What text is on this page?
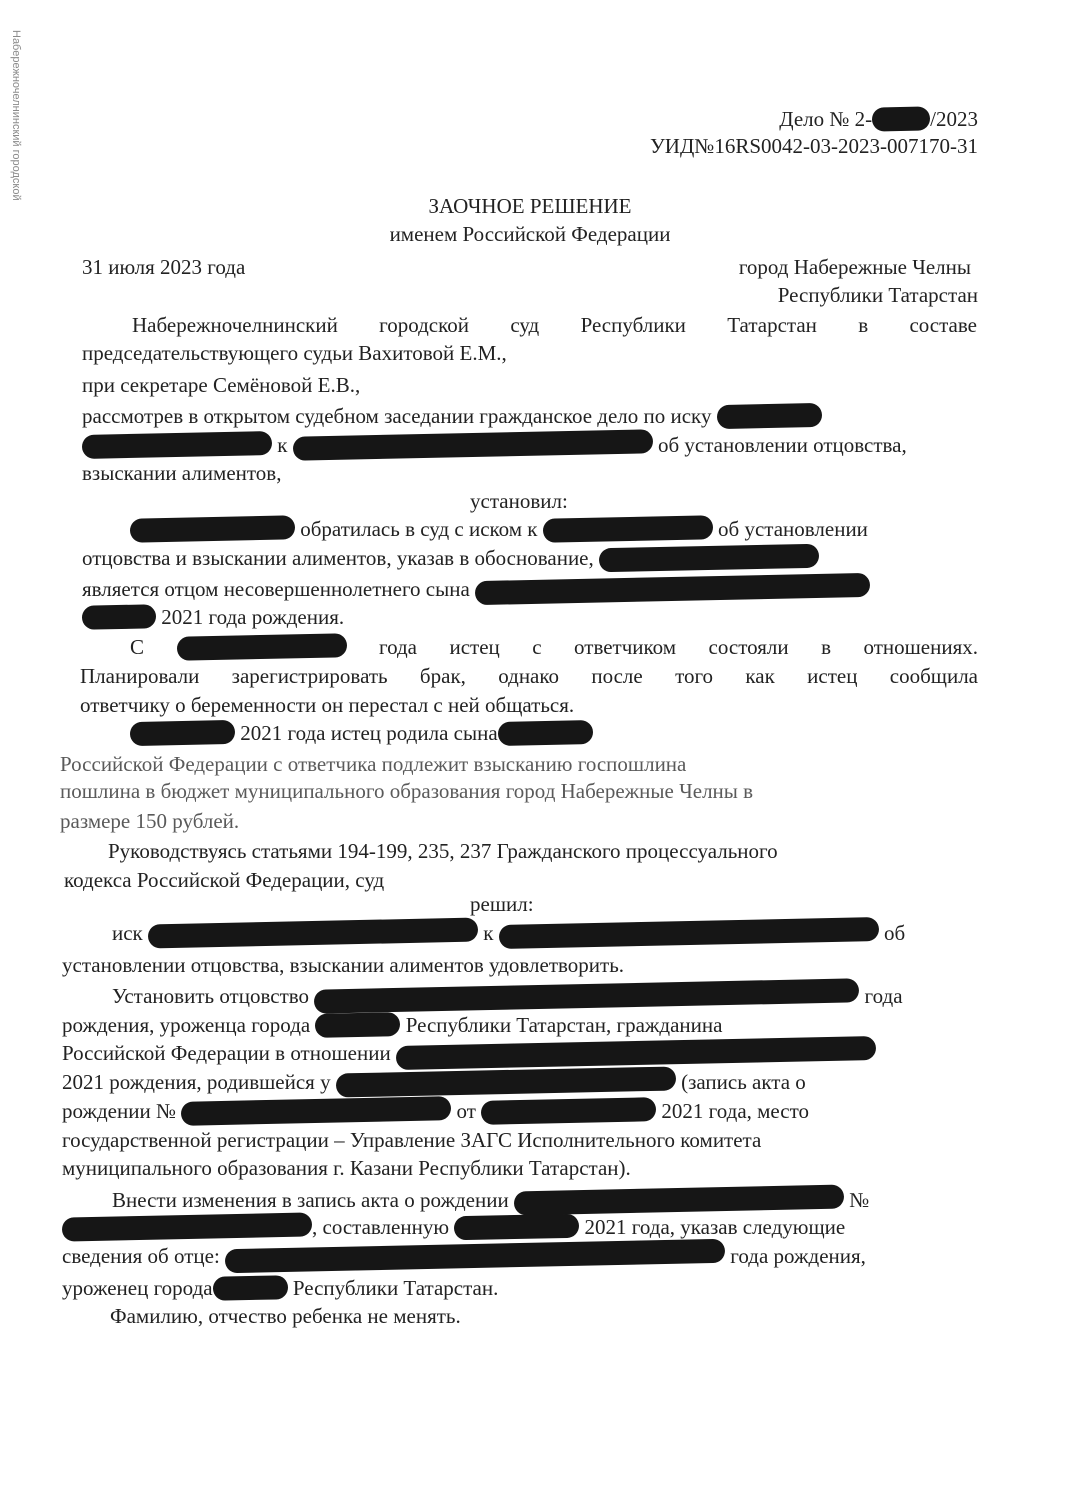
Набережночелнинский городской	Дело № 2-	/2023
УИД№16RS0042-03-2023-007170-31
ЗАОЧНОЕ РЕШЕНИЕ
именем Российской Федерации
31 июля 2023 года	город Набережные Челны
Республики Татарстан
Набережночелнинский городской суд Республики Татарстан в составе
председательствующего судьи Вахитовой Е.М.,
при секретаре Семёновой Е.В.,
рассмотрев в открытом судебном заседании гражданское дело по иску
к	об установлении отцовства,
взыскании алиментов,
установил:
обратилась в суд с иском к	об установлении
отцовства и взыскании алиментов, указав в обоснование,
является отцом несовершеннолетнего сына
2021 года рождения.
С	года истец с ответчиком состояли в отношениях.
Планировали зарегистрировать брак, однако после того как истец сообщила
ответчику о беременности он перестал с ней общаться.
2021 года истец родила сына
Российской Федерации с ответчика подлежит взысканию госпошлина
пошлина в бюджет муниципального образования город Набережные Челны в
размере 150 рублей.
Руководствуясь статьями 194-199, 235, 237 Гражданского процессуального
кодекса Российской Федерации, суд
решил:
иск	к	об
установлении отцовства, взыскании алиментов удовлетворить.
Установить отцовство	года
рождения, уроженца города	Республики Татарстан, гражданина
Российской Федерации в отношении
2021 рождения, родившейся у	(запись акта о
рождении №	от	2021 года, место
государственной регистрации – Управление ЗАГС Исполнительного комитета
муниципального образования г. Казани Республики Татарстан).
Внести изменения в запись акта о рождении	№
, составленную	2021 года, указав следующие
сведения об отце:	года рождения,
уроженец города	Республики Татарстан.
Фамилию, отчество ребенка не менять.
